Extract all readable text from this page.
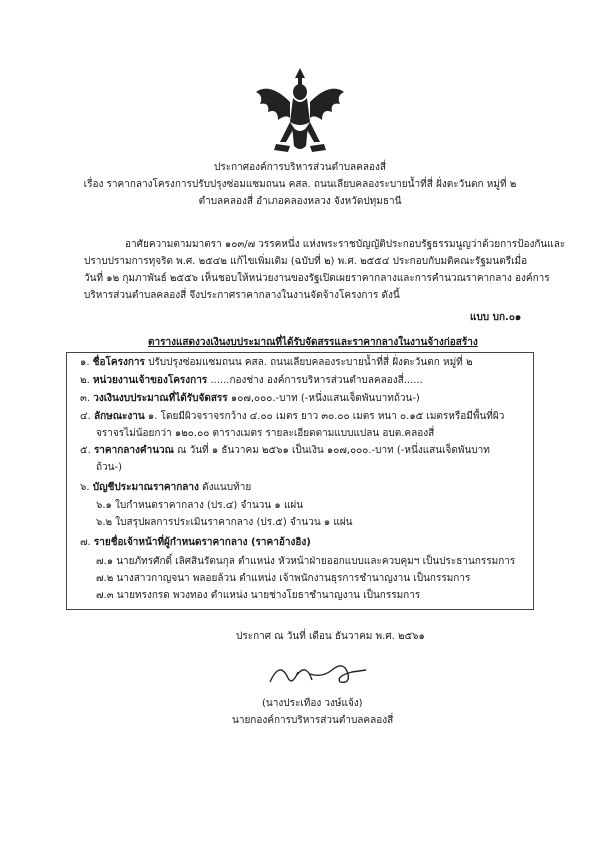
ประกาศองค์การบริหารส่วนตำบลคลองสี่
เรื่อง ราคากลางโครงการปรับปรุงซ่อมแซมถนน คสล. ถนนเลียบคลองระบายน้ำที่สี่ ฝั่งตะวันตก หมู่ที่ ๒
ตำบลคลองสี่ อำเภอคลองหลวง จังหวัดปทุมธานี
อาศัยความตามมาตรา ๑๐๓/๗ วรรคหนึ่ง แห่งพระราชบัญญัติประกอบรัฐธรรมนูญว่าด้วยการป้องกันและ
ปราบปรามการทุจริต พ.ศ. ๒๕๔๒ แก้ไขเพิ่มเติม (ฉบับที่ ๒) พ.ศ. ๒๕๕๔ ประกอบกับมติคณะรัฐมนตรีเมื่อ
วันที่ ๑๒ กุมภาพันธ์ ๒๕๕๖ เห็นชอบให้หน่วยงานของรัฐเปิดเผยราคากลางและการคำนวณราคากลาง องค์การ
บริหารส่วนตำบลคลองสี่ จึงประกาศราคากลางในงานจัดจ้างโครงการ ดังนี้
แบบ บก.๐๑
ตารางแสดงวงเงินงบประมาณที่ได้รับจัดสรรและราคากลางในงานจ้างก่อสร้าง
๑. ชื่อโครงการ ปรับปรุงซ่อมแซมถนน คสล. ถนนเลียบคลองระบายน้ำที่สี่ ฝั่งตะวันตก หมู่ที่ ๒
๒. หน่วยงานเจ้าของโครงการ ......กองช่าง องค์การบริหารส่วนตำบลคลองสี่......
๓. วงเงินงบประมาณที่ได้รับจัดสรร ๑๐๗,๐๐๐.-บาท (-หนึ่งแสนเจ็ดพันบาทถ้วน-)
๔. ลักษณะงาน ๑. โดยมีผิวจราจรกว้าง ๔.๐๐ เมตร ยาว ๓๐.๐๐ เมตร หนา ๐.๑๕ เมตรหรือมีพื้นที่ผิว
จราจรไม่น้อยกว่า ๑๒๐.๐๐ ตารางเมตร รายละเอียดตามแบบแปลน อบต.คลองสี่
๕. ราคากลางคำนวณ ณ วันที่ ๑ ธันวาคม ๒๕๖๑ เป็นเงิน ๑๐๗,๐๐๐.-บาท (-หนึ่งแสนเจ็ดพันบาท
ถ้วน-)
๖. บัญชีประมาณราคากลาง ดังแนบท้าย
๖.๑ ใบกำหนดราคากลาง (ปร.๔) จำนวน ๑ แผ่น
๖.๒ ใบสรุปผลการประเมินราคากลาง (ปร.๕) จำนวน ๑ แผ่น
๗. รายชื่อเจ้าหน้าที่ผู้กำหนดราคากลาง (ราคาอ้างอิง)
๗.๑ นายภัทรศักดิ์ เลิศสินรัตนกุล ตำแหน่ง หัวหน้าฝ่ายออกแบบและควบคุมฯ เป็นประธานกรรมการ
๗.๒ นางสาวกาญจนา พลอยล้วน ตำแหน่ง เจ้าพนักงานธุรการชำนาญงาน เป็นกรรมการ
๗.๓ นายทรงกรด พวงทอง ตำแหน่ง นายช่างโยธาชำนาญงาน เป็นกรรมการ
ประกาศ ณ วันที่ เดือน ธันวาคม พ.ศ. ๒๕๖๑
(นางประเทือง วงษ์แจ้ง)
นายกองค์การบริหารส่วนตำบลคลองสี่
